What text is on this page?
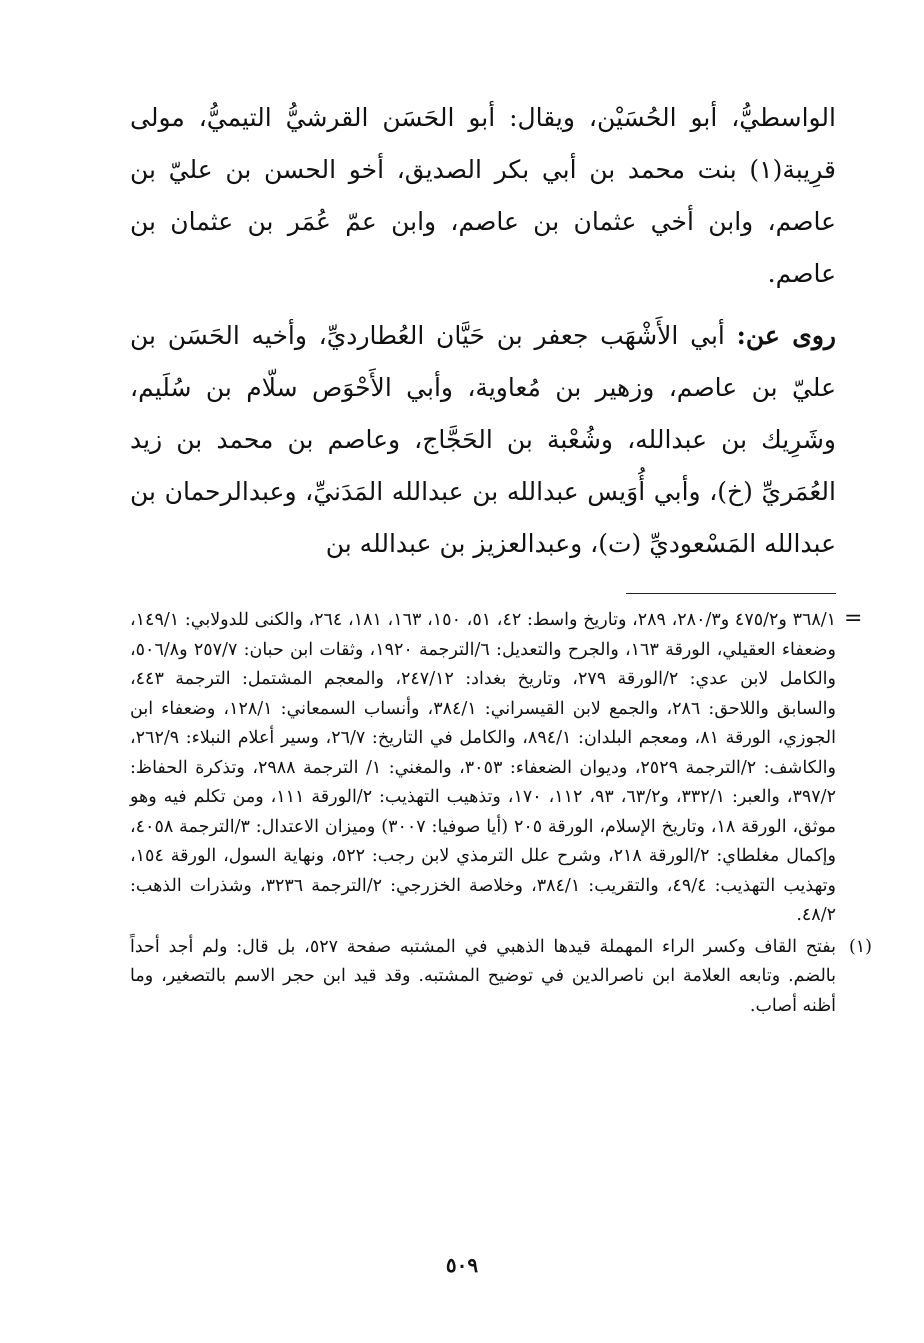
الواسطيُّ، أبو الحُسَيْن، ويقال: أبو الحَسَن القرشيُّ التيميُّ، مولى قرِيبة(١) بنت محمد بن أبي بكر الصديق، أخو الحسن بن عليّ بن عاصم، وابن أخي عثمان بن عاصم، وابن عمّ عُمَر بن عثمان بن عاصم.

روى عن: أبي الأَشْهَب جعفر بن حَيَّان العُطارديِّ، وأخيه الحَسَن بن عليّ بن عاصم، وزهير بن مُعاوية، وأبي الأَحْوَص سلّام بن سُلَيم، وشَرِيك بن عبدالله، وشُعْبة بن الحَجَّاج، وعاصم بن محمد بن زيد العُمَريِّ (خ)، وأبي أُوَيس عبدالله بن عبدالله المَدَنيِّ، وعبدالرحمان بن عبدالله المَسْعوديِّ (ت)، وعبدالعزيز بن عبدالله بن

=

٣٦٨/١ و٤٧٥/٢ و٢٨٠/٣، ٢٨٩، وتاريخ واسط: ٤٢، ٥١، ١٥٠، ١٦٣، ١٨١، ٢٦٤، والكنى للدولابي: ١٤٩/١، وضعفاء العقيلي، الورقة ١٦٣، والجرح والتعديل: ٦/الترجمة ١٩٢٠، وثقات ابن حبان: ٢٥٧/٧ و٥٠٦/٨، والكامل لابن عدي: ٢/الورقة ٢٧٩، وتاريخ بغداد: ٢٤٧/١٢، والمعجم المشتمل: الترجمة ٤٤٣، والسابق واللاحق: ٢٨٦، والجمع لابن القيسراني: ٣٨٤/١، وأنساب السمعاني: ١٢٨/١، وضعفاء ابن الجوزي، الورقة ٨١، ومعجم البلدان: ٨٩٤/١، والكامل في التاريخ: ٢٦/٧، وسير أعلام النبلاء: ٢٦٢/٩، والكاشف: ٢/الترجمة ٢٥٢٩، وديوان الضعفاء: ٣٠٥٣، والمغني: ١/ الترجمة ٢٩٨٨، وتذكرة الحفاظ: ٣٩٧/٢، والعبر: ٣٣٢/١، و٦٣/٢، ٩٣، ١١٢، ١٧٠، وتذهيب التهذيب: ٢/الورقة ١١١، ومن تكلم فيه وهو موثق، الورقة ١٨، وتاريخ الإسلام، الورقة ٢٠٥ (أيا صوفيا: ٣٠٠٧) وميزان الاعتدال: ٣/الترجمة ٤٠٥٨، وإكمال مغلطاي: ٢/الورقة ٢١٨، وشرح علل الترمذي لابن رجب: ٥٢٢، ونهاية السول، الورقة ١٥٤، وتهذيب التهذيب: ٤٩/٤، والتقريب: ٣٨٤/١، وخلاصة الخزرجي: ٢/الترجمة ٣٢٣٦، وشذرات الذهب: ٤٨/٢.

(١)

بفتح القاف وكسر الراء المهملة قيدها الذهبي في المشتبه صفحة ٥٢٧، بل قال: ولم أجد أحداً بالضم. وتابعه العلامة ابن ناصرالدين في توضيح المشتبه. وقد قيد ابن حجر الاسم بالتصغير، وما أظنه أصاب.

٥٠٩
